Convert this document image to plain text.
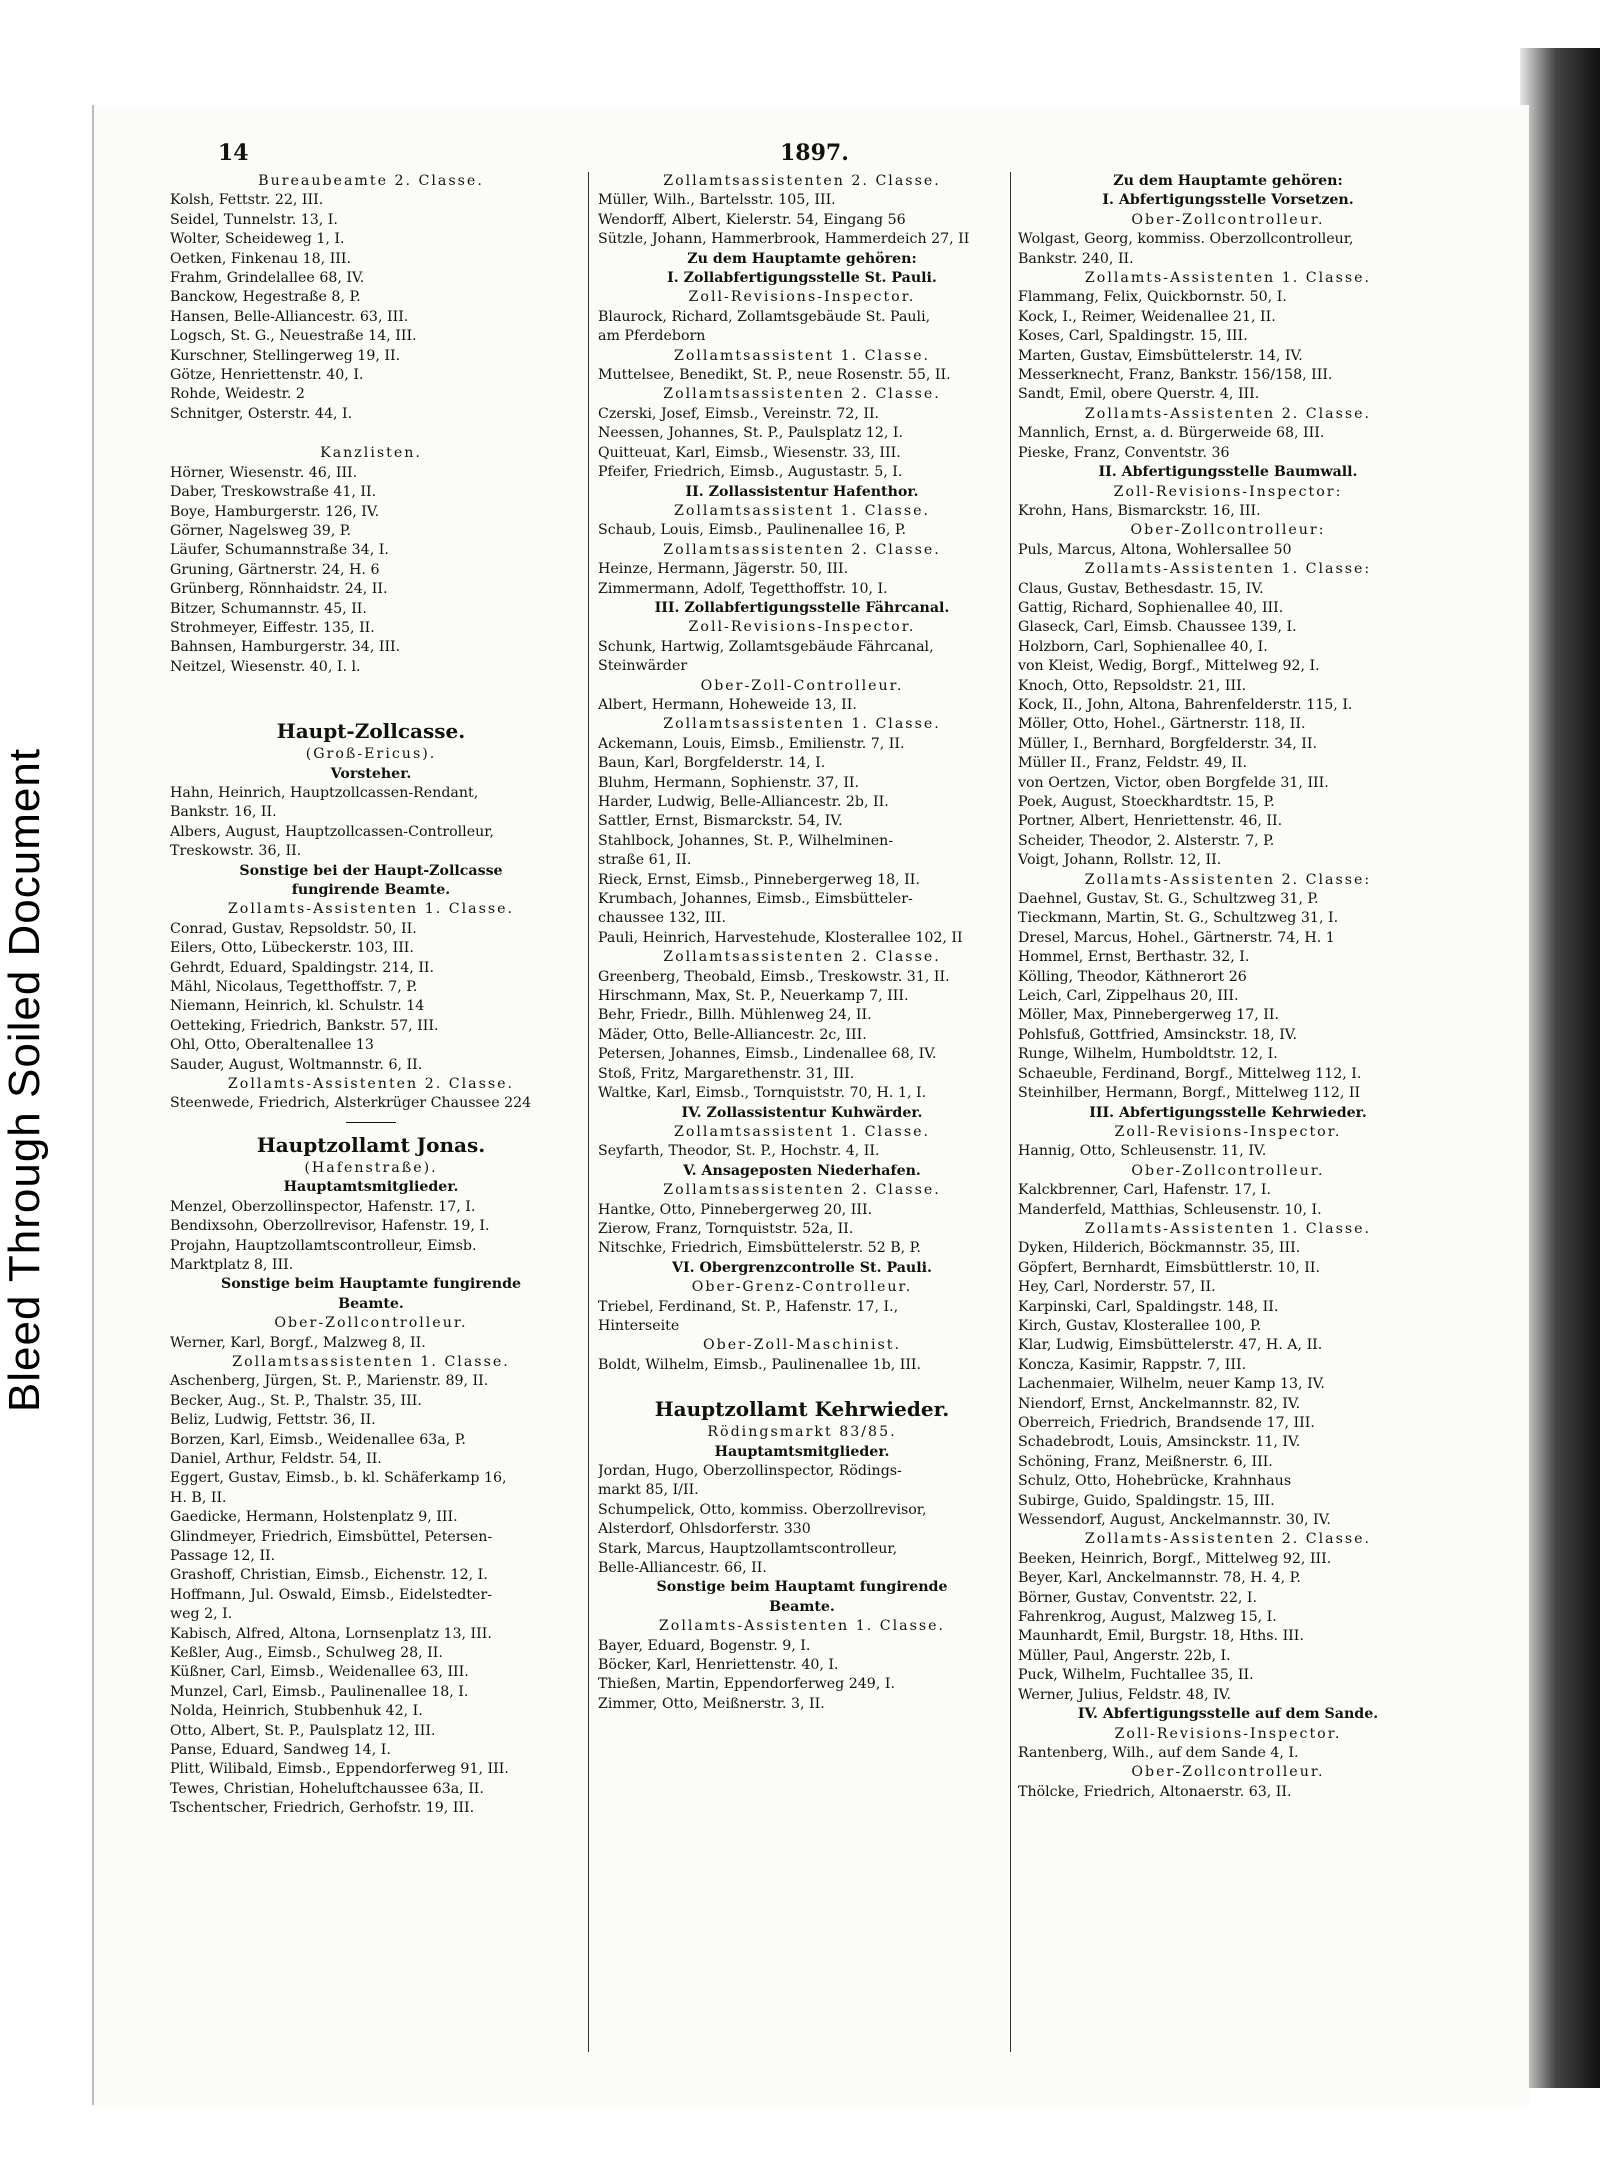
Bleed Through Soiled Document
14	1897.
Bureaubeamte 2. Classe.
Kolsh, Fettstr. 22, III.
Seidel, Tunnelstr. 13, I.
Wolter, Scheideweg 1, I.
Oetken, Finkenau 18, III.
Frahm, Grindelallee 68, IV.
Banckow, Hegestraße 8, P.
Hansen, Belle-Alliancestr. 63, III.
Logsch, St. G., Neuestraße 14, III.
Kurschner, Stellingerweg 19, II.
Götze, Henriettenstr. 40, I.
Rohde, Weidestr. 2
Schnitger, Osterstr. 44, I.
Kanzlisten.
Hörner, Wiesenstr. 46, III.
Daber, Treskowstraße 41, II.
Boye, Hamburgerstr. 126, IV.
Görner, Nagelsweg 39, P.
Läufer, Schumannstraße 34, I.
Gruning, Gärtnerstr. 24, H. 6
Grünberg, Rönnhaidstr. 24, II.
Bitzer, Schumannstr. 45, II.
Strohmeyer, Eiffestr. 135, II.
Bahnsen, Hamburgerstr. 34, III.
Neitzel, Wiesenstr. 40, I. l.
Haupt-Zollcasse.
(Groß-Ericus).
Vorsteher.
Hahn, Heinrich, Hauptzollcassen-Rendant,
Bankstr. 16, II.
Albers, August, Hauptzollcassen-Controlleur,
Treskowstr. 36, II.
Sonstige bei der Haupt-Zollcasse
fungirende Beamte.
Zollamts-Assistenten 1. Classe.
Conrad, Gustav, Repsoldstr. 50, II.
Eilers, Otto, Lübeckerstr. 103, III.
Gehrdt, Eduard, Spaldingstr. 214, II.
Mähl, Nicolaus, Tegetthoffstr. 7, P.
Niemann, Heinrich, kl. Schulstr. 14
Oetteking, Friedrich, Bankstr. 57, III.
Ohl, Otto, Oberaltenallee 13
Sauder, August, Woltmannstr. 6, II.
Zollamts-Assistenten 2. Classe.
Steenwede, Friedrich, Alsterkrüger Chaussee 224
Hauptzollamt Jonas.
(Hafenstraße).
Hauptamtsmitglieder.
Menzel, Oberzollinspector, Hafenstr. 17, I.
Bendixsohn, Oberzollrevisor, Hafenstr. 19, I.
Projahn, Hauptzollamtscontrolleur, Eimsb.
Marktplatz 8, III.
Sonstige beim Hauptamte fungirende
Beamte.
Ober-Zollcontrolleur.
Werner, Karl, Borgf., Malzweg 8, II.
Zollamtsassistenten 1. Classe.
Aschenberg, Jürgen, St. P., Marienstr. 89, II.
Becker, Aug., St. P., Thalstr. 35, III.
Beliz, Ludwig, Fettstr. 36, II.
Borzen, Karl, Eimsb., Weidenallee 63a, P.
Daniel, Arthur, Feldstr. 54, II.
Eggert, Gustav, Eimsb., b. kl. Schäferkamp 16,
H. B, II.
Gaedicke, Hermann, Holstenplatz 9, III.
Glindmeyer, Friedrich, Eimsbüttel, Petersen-
Passage 12, II.
Grashoff, Christian, Eimsb., Eichenstr. 12, I.
Hoffmann, Jul. Oswald, Eimsb., Eidelstedter-
weg 2, I.
Kabisch, Alfred, Altona, Lornsenplatz 13, III.
Keßler, Aug., Eimsb., Schulweg 28, II.
Küßner, Carl, Eimsb., Weidenallee 63, III.
Munzel, Carl, Eimsb., Paulinenallee 18, I.
Nolda, Heinrich, Stubbenhuk 42, I.
Otto, Albert, St. P., Paulsplatz 12, III.
Panse, Eduard, Sandweg 14, I.
Plitt, Wilibald, Eimsb., Eppendorferweg 91, III.
Tewes, Christian, Hoheluftchaussee 63a, II.
Tschentscher, Friedrich, Gerhofstr. 19, III.
Zollamtsassistenten 2. Classe.
Müller, Wilh., Bartelsstr. 105, III.
Wendorff, Albert, Kielerstr. 54, Eingang 56
Sützle, Johann, Hammerbrook, Hammerdeich 27, II
Zu dem Hauptamte gehören:
I. Zollabfertigungsstelle St. Pauli.
Zoll-Revisions-Inspector.
Blaurock, Richard, Zollamtsgebäude St. Pauli,
am Pferdeborn
Zollamtsassistent 1. Classe.
Muttelsee, Benedikt, St. P., neue Rosenstr. 55, II.
Zollamtsassistenten 2. Classe.
Czerski, Josef, Eimsb., Vereinstr. 72, II.
Neessen, Johannes, St. P., Paulsplatz 12, I.
Quitteuat, Karl, Eimsb., Wiesenstr. 33, III.
Pfeifer, Friedrich, Eimsb., Augustastr. 5, I.
II. Zollassistentur Hafenthor.
Zollamtsassistent 1. Classe.
Schaub, Louis, Eimsb., Paulinenallee 16, P.
Zollamtsassistenten 2. Classe.
Heinze, Hermann, Jägerstr. 50, III.
Zimmermann, Adolf, Tegetthoffstr. 10, I.
III. Zollabfertigungsstelle Fährcanal.
Zoll-Revisions-Inspector.
Schunk, Hartwig, Zollamtsgebäude Fährcanal,
Steinwärder
Ober-Zoll-Controlleur.
Albert, Hermann, Hoheweide 13, II.
Zollamtsassistenten 1. Classe.
Ackemann, Louis, Eimsb., Emilienstr. 7, II.
Baun, Karl, Borgfelderstr. 14, I.
Bluhm, Hermann, Sophienstr. 37, II.
Harder, Ludwig, Belle-Alliancestr. 2b, II.
Sattler, Ernst, Bismarckstr. 54, IV.
Stahlbock, Johannes, St. P., Wilhelminen-
straße 61, II.
Rieck, Ernst, Eimsb., Pinnebergerweg 18, II.
Krumbach, Johannes, Eimsb., Eimsbütteler-
chaussee 132, III.
Pauli, Heinrich, Harvestehude, Klosterallee 102, II
Zollamtsassistenten 2. Classe.
Greenberg, Theobald, Eimsb., Treskowstr. 31, II.
Hirschmann, Max, St. P., Neuerkamp 7, III.
Behr, Friedr., Billh. Mühlenweg 24, II.
Mäder, Otto, Belle-Alliancestr. 2c, III.
Petersen, Johannes, Eimsb., Lindenallee 68, IV.
Stoß, Fritz, Margarethenstr. 31, III.
Waltke, Karl, Eimsb., Tornquiststr. 70, H. 1, I.
IV. Zollassistentur Kuhwärder.
Zollamtsassistent 1. Classe.
Seyfarth, Theodor, St. P., Hochstr. 4, II.
V. Ansageposten Niederhafen.
Zollamtsassistenten 2. Classe.
Hantke, Otto, Pinnebergerweg 20, III.
Zierow, Franz, Tornquiststr. 52a, II.
Nitschke, Friedrich, Eimsbüttelerstr. 52 B, P.
VI. Obergrenzcontrolle St. Pauli.
Ober-Grenz-Controlleur.
Triebel, Ferdinand, St. P., Hafenstr. 17, I.,
Hinterseite
Ober-Zoll-Maschinist.
Boldt, Wilhelm, Eimsb., Paulinenallee 1b, III.
Hauptzollamt Kehrwieder.
Rödingsmarkt 83/85.
Hauptamtsmitglieder.
Jordan, Hugo, Oberzollinspector, Rödings-
markt 85, I/II.
Schumpelick, Otto, kommiss. Oberzollrevisor,
Alsterdorf, Ohlsdorferstr. 330
Stark, Marcus, Hauptzollamtscontrolleur,
Belle-Alliancestr. 66, II.
Sonstige beim Hauptamt fungirende
Beamte.
Zollamts-Assistenten 1. Classe.
Bayer, Eduard, Bogenstr. 9, I.
Böcker, Karl, Henriettenstr. 40, I.
Thießen, Martin, Eppendorferweg 249, I.
Zimmer, Otto, Meißnerstr. 3, II.
Zu dem Hauptamte gehören:
I. Abfertigungsstelle Vorsetzen.
Ober-Zollcontrolleur.
Wolgast, Georg, kommiss. Oberzollcontrolleur,
Bankstr. 240, II.
Zollamts-Assistenten 1. Classe.
Flammang, Felix, Quickbornstr. 50, I.
Kock, I., Reimer, Weidenallee 21, II.
Koses, Carl, Spaldingstr. 15, III.
Marten, Gustav, Eimsbüttelerstr. 14, IV.
Messerknecht, Franz, Bankstr. 156/158, III.
Sandt, Emil, obere Querstr. 4, III.
Zollamts-Assistenten 2. Classe.
Mannlich, Ernst, a. d. Bürgerweide 68, III.
Pieske, Franz, Conventstr. 36
II. Abfertigungsstelle Baumwall.
Zoll-Revisions-Inspector:
Krohn, Hans, Bismarckstr. 16, III.
Ober-Zollcontrolleur:
Puls, Marcus, Altona, Wohlersallee 50
Zollamts-Assistenten 1. Classe:
Claus, Gustav, Bethesdastr. 15, IV.
Gattig, Richard, Sophienallee 40, III.
Glaseck, Carl, Eimsb. Chaussee 139, I.
Holzborn, Carl, Sophienallee 40, I.
von Kleist, Wedig, Borgf., Mittelweg 92, I.
Knoch, Otto, Repsoldstr. 21, III.
Kock, II., John, Altona, Bahrenfelderstr. 115, I.
Möller, Otto, Hohel., Gärtnerstr. 118, II.
Müller, I., Bernhard, Borgfelderstr. 34, II.
Müller II., Franz, Feldstr. 49, II.
von Oertzen, Victor, oben Borgfelde 31, III.
Poek, August, Stoeckhardtstr. 15, P.
Portner, Albert, Henriettenstr. 46, II.
Scheider, Theodor, 2. Alsterstr. 7, P.
Voigt, Johann, Rollstr. 12, II.
Zollamts-Assistenten 2. Classe:
Daehnel, Gustav, St. G., Schultzweg 31, P.
Tieckmann, Martin, St. G., Schultzweg 31, I.
Dresel, Marcus, Hohel., Gärtnerstr. 74, H. 1
Hommel, Ernst, Berthastr. 32, I.
Kölling, Theodor, Käthnerort 26
Leich, Carl, Zippelhaus 20, III.
Möller, Max, Pinnebergerweg 17, II.
Pohlsfuß, Gottfried, Amsinckstr. 18, IV.
Runge, Wilhelm, Humboldtstr. 12, I.
Schaeuble, Ferdinand, Borgf., Mittelweg 112, I.
Steinhilber, Hermann, Borgf., Mittelweg 112, II
III. Abfertigungsstelle Kehrwieder.
Zoll-Revisions-Inspector.
Hannig, Otto, Schleusenstr. 11, IV.
Ober-Zollcontrolleur.
Kalckbrenner, Carl, Hafenstr. 17, I.
Manderfeld, Matthias, Schleusenstr. 10, I.
Zollamts-Assistenten 1. Classe.
Dyken, Hilderich, Böckmannstr. 35, III.
Göpfert, Bernhardt, Eimsbüttlerstr. 10, II.
Hey, Carl, Norderstr. 57, II.
Karpinski, Carl, Spaldingstr. 148, II.
Kirch, Gustav, Klosterallee 100, P.
Klar, Ludwig, Eimsbüttelerstr. 47, H. A, II.
Koncza, Kasimir, Rappstr. 7, III.
Lachenmaier, Wilhelm, neuer Kamp 13, IV.
Niendorf, Ernst, Anckelmannstr. 82, IV.
Oberreich, Friedrich, Brandsende 17, III.
Schadebrodt, Louis, Amsinckstr. 11, IV.
Schöning, Franz, Meißnerstr. 6, III.
Schulz, Otto, Hohebrücke, Krahnhaus
Subirge, Guido, Spaldingstr. 15, III.
Wessendorf, August, Anckelmannstr. 30, IV.
Zollamts-Assistenten 2. Classe.
Beeken, Heinrich, Borgf., Mittelweg 92, III.
Beyer, Karl, Anckelmannstr. 78, H. 4, P.
Börner, Gustav, Conventstr. 22, I.
Fahrenkrog, August, Malzweg 15, I.
Maunhardt, Emil, Burgstr. 18, Hths. III.
Müller, Paul, Angerstr. 22b, I.
Puck, Wilhelm, Fuchtallee 35, II.
Werner, Julius, Feldstr. 48, IV.
IV. Abfertigungsstelle auf dem Sande.
Zoll-Revisions-Inspector.
Rantenberg, Wilh., auf dem Sande 4, I.
Ober-Zollcontrolleur.
Thölcke, Friedrich, Altonaerstr. 63, II.
